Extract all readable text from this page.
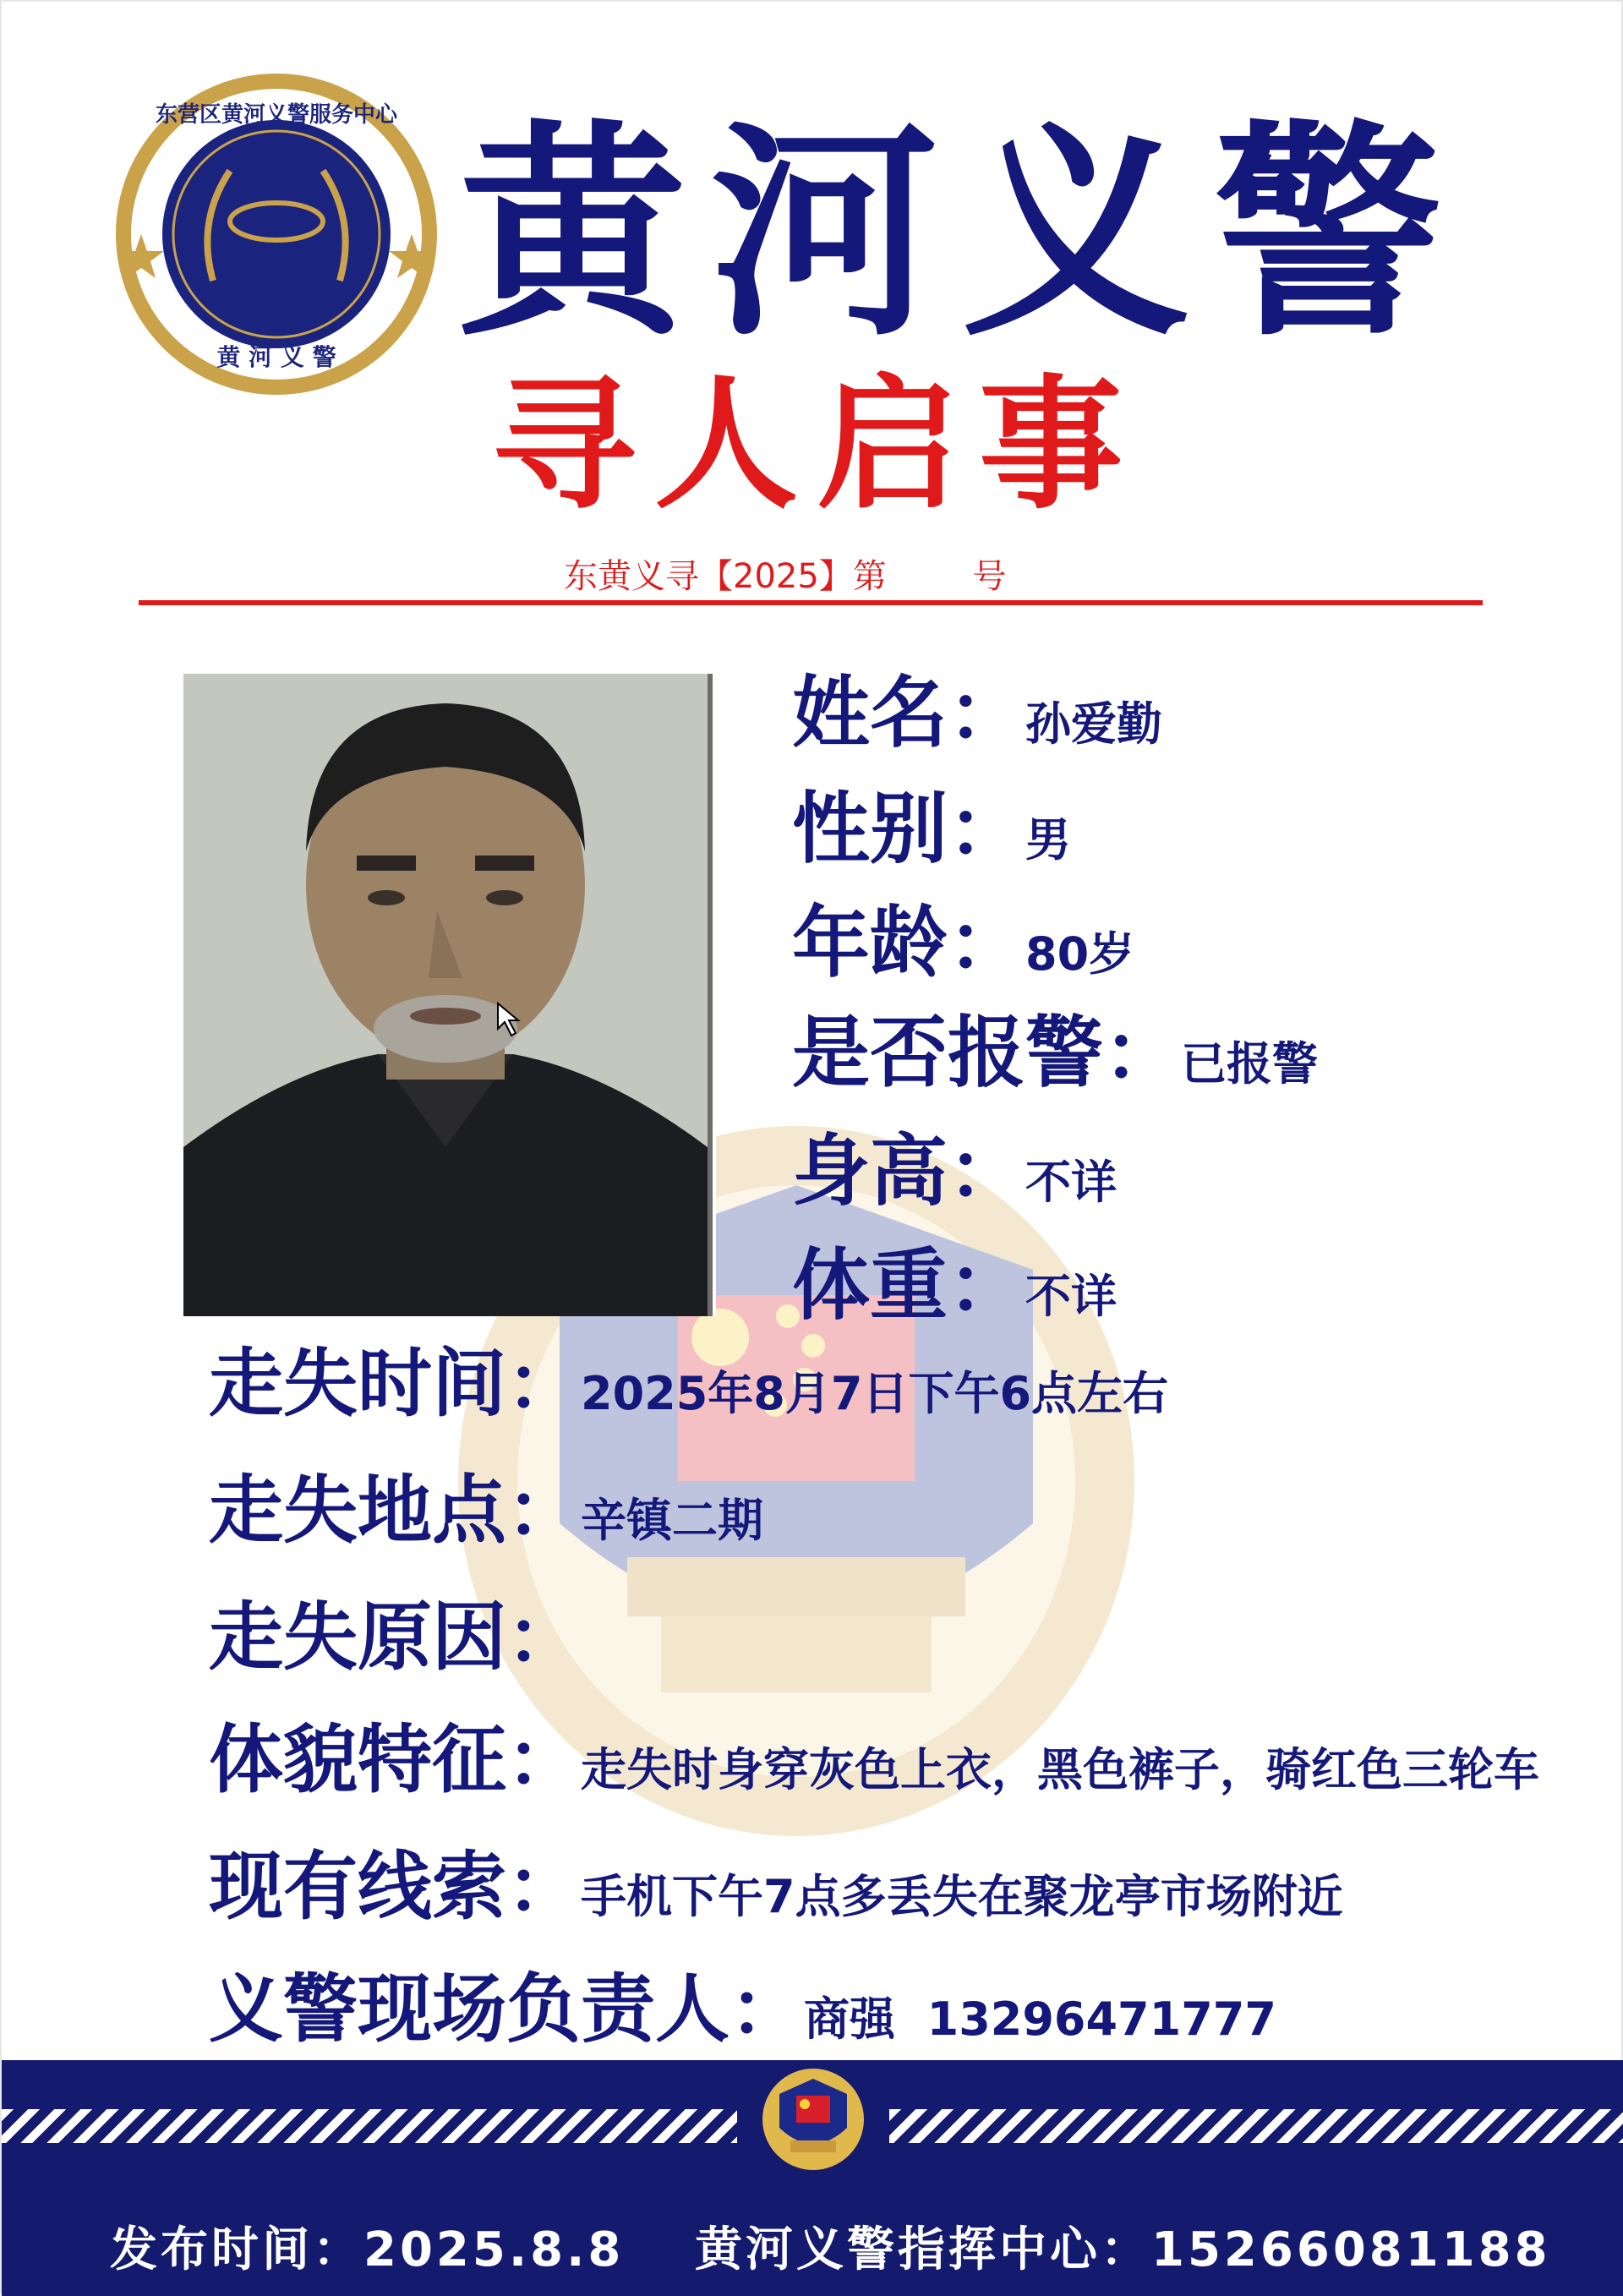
东营区黄河义警服务中心
黄 河 义 警 黄河义警
寻人启事
东黄义寻【2025】第        号
姓名：孙爱勤
性别：男
年龄：80岁
是否报警：已报警
身高：不详
体重：不详
走失时间：2025年8月7日下午6点左右
走失地点：辛镇二期
走失原因：
体貌特征：走失时身穿灰色上衣，黑色裤子，骑红色三轮车
现有线索：手机下午7点多丢失在聚龙亭市场附近
义警现场负责人：商强  13296471777
发布时间：2025.8.8 黄河义警指挥中心：15266081188
